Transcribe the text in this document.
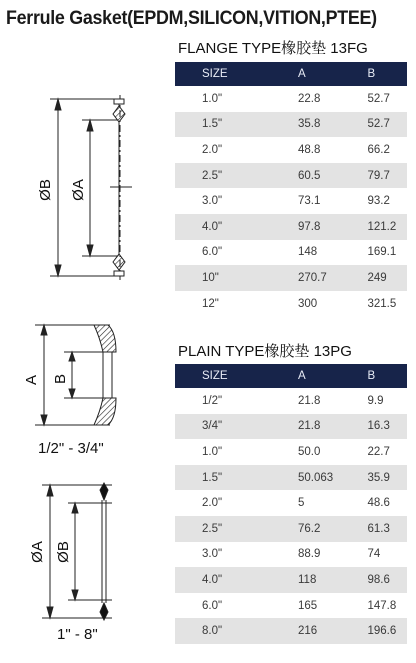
Ferrule Gasket(EPDM,SILICON,VITION,PTEE)
FLANGE TYPE橡胶垫 13FG
SIZE	A	B
1.0"	22.8	52.7
1.5"	35.8	52.7
2.0"	48.8	66.2
2.5"	60.5	79.7
3.0"	73.1	93.2
4.0"	97.8	121.2
6.0"	148	169.1
10"	270.7	249
12"	300	321.5
PLAIN TYPE橡胶垫 13PG
SIZE	A	B
1/2"	21.8	9.9
3/4"	21.8	16.3
1.0"	50.0	22.7
1.5"	50.063	35.9
2.0"	5	48.6
2.5"	76.2	61.3
3.0"	88.9	74
4.0"	118	98.6
6.0"	165	147.8
8.0"	216	196.6
ØB ØA
A B
ØA ØB
1/2" - 3/4"
1" - 8"
